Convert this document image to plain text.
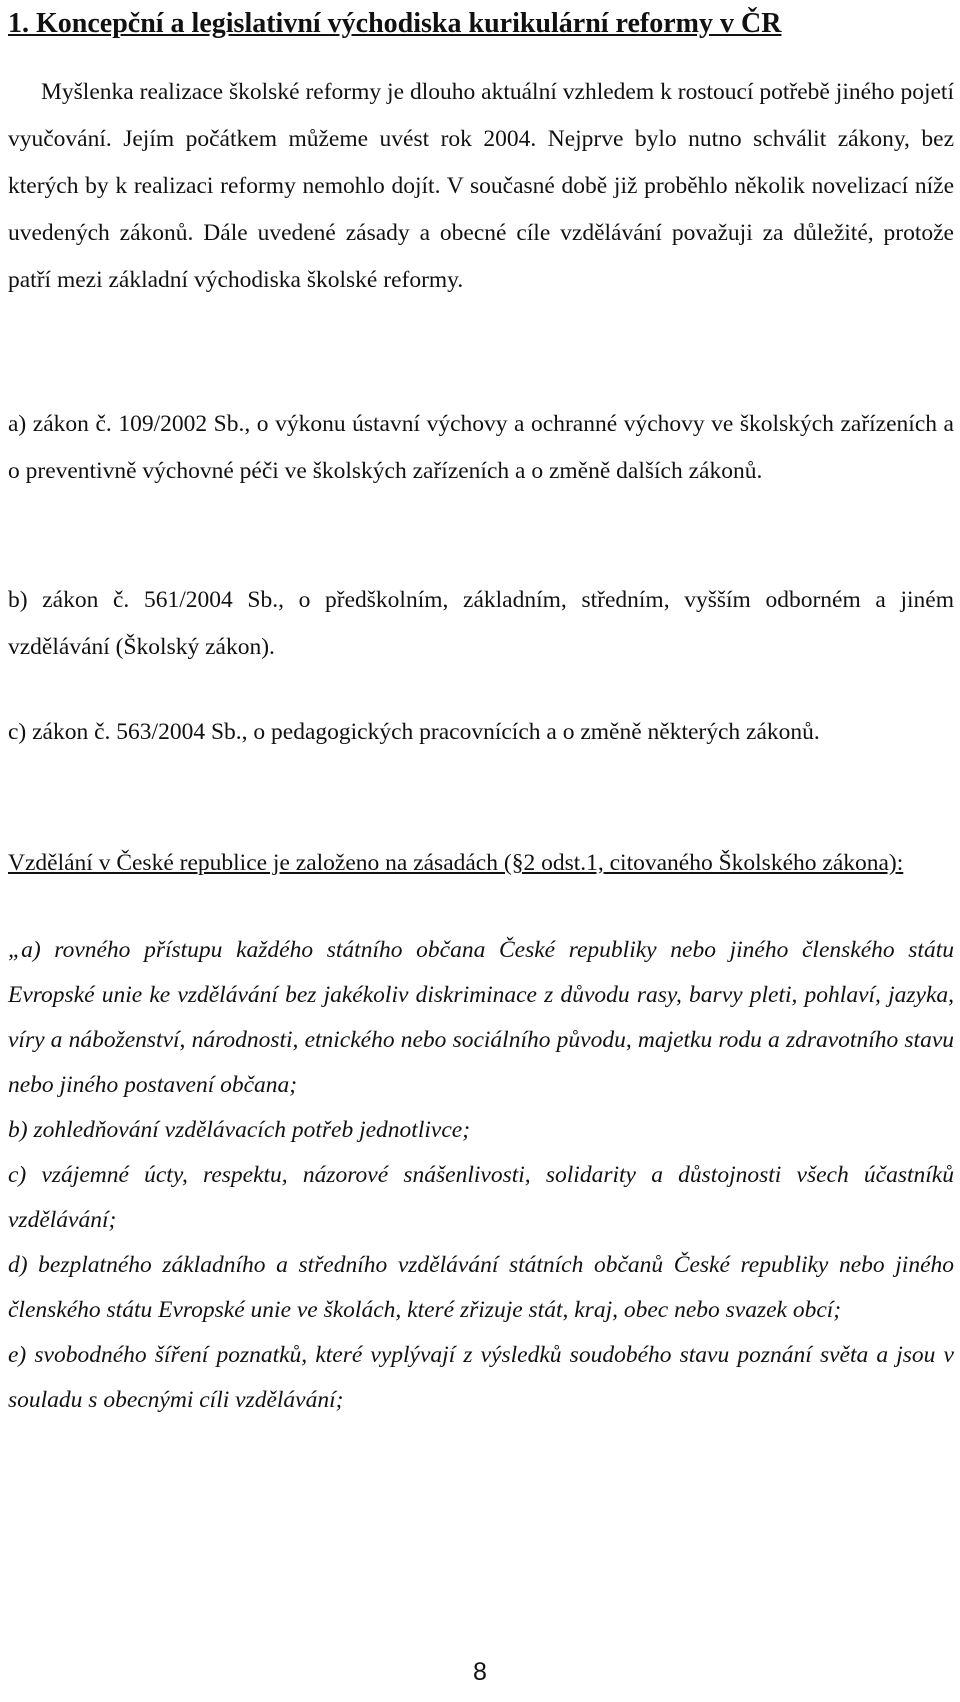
1. Koncepční a legislativní východiska kurikulární reformy v ČR

Myšlenka realizace školské reformy je dlouho aktuální vzhledem k rostoucí potřebě jiného pojetí vyučování. Jejím počátkem můžeme uvést rok 2004. Nejprve bylo nutno schválit zákony, bez kterých by k realizaci reformy nemohlo dojít. V současné době již proběhlo několik novelizací níže uvedených zákonů. Dále uvedené zásady a obecné cíle vzdělávání považuji za důležité, protože patří mezi základní východiska školské reformy.

a) zákon č. 109/2002 Sb., o výkonu ústavní výchovy a ochranné výchovy ve školských zařízeních a o preventivně výchovné péči ve školských zařízeních a o změně dalších zákonů.

b) zákon č. 561/2004 Sb., o předškolním, základním, středním, vyšším odborném a jiném vzdělávání (Školský zákon).

c) zákon č. 563/2004 Sb., o pedagogických pracovnících a o změně některých zákonů.

Vzdělání v České republice je založeno na zásadách (§2 odst.1, citovaného Školského zákona):

„a) rovného přístupu každého státního občana České republiky nebo jiného členského státu Evropské unie ke vzdělávání bez jakékoliv diskriminace z důvodu rasy, barvy pleti, pohlaví, jazyka, víry a náboženství, národnosti, etnického nebo sociálního původu, majetku rodu a zdravotního stavu nebo jiného postavení občana;

b) zohledňování vzdělávacích potřeb jednotlivce;

c) vzájemné úcty, respektu, názorové snášenlivosti, solidarity a důstojnosti všech účastníků vzdělávání;

d) bezplatného základního a středního vzdělávání státních občanů České republiky nebo jiného členského státu Evropské unie ve školách, které zřizuje stát, kraj, obec nebo svazek obcí;

e) svobodného šíření poznatků, které vyplývají z výsledků soudobého stavu poznání světa a jsou v souladu s obecnými cíli vzdělávání;

8
